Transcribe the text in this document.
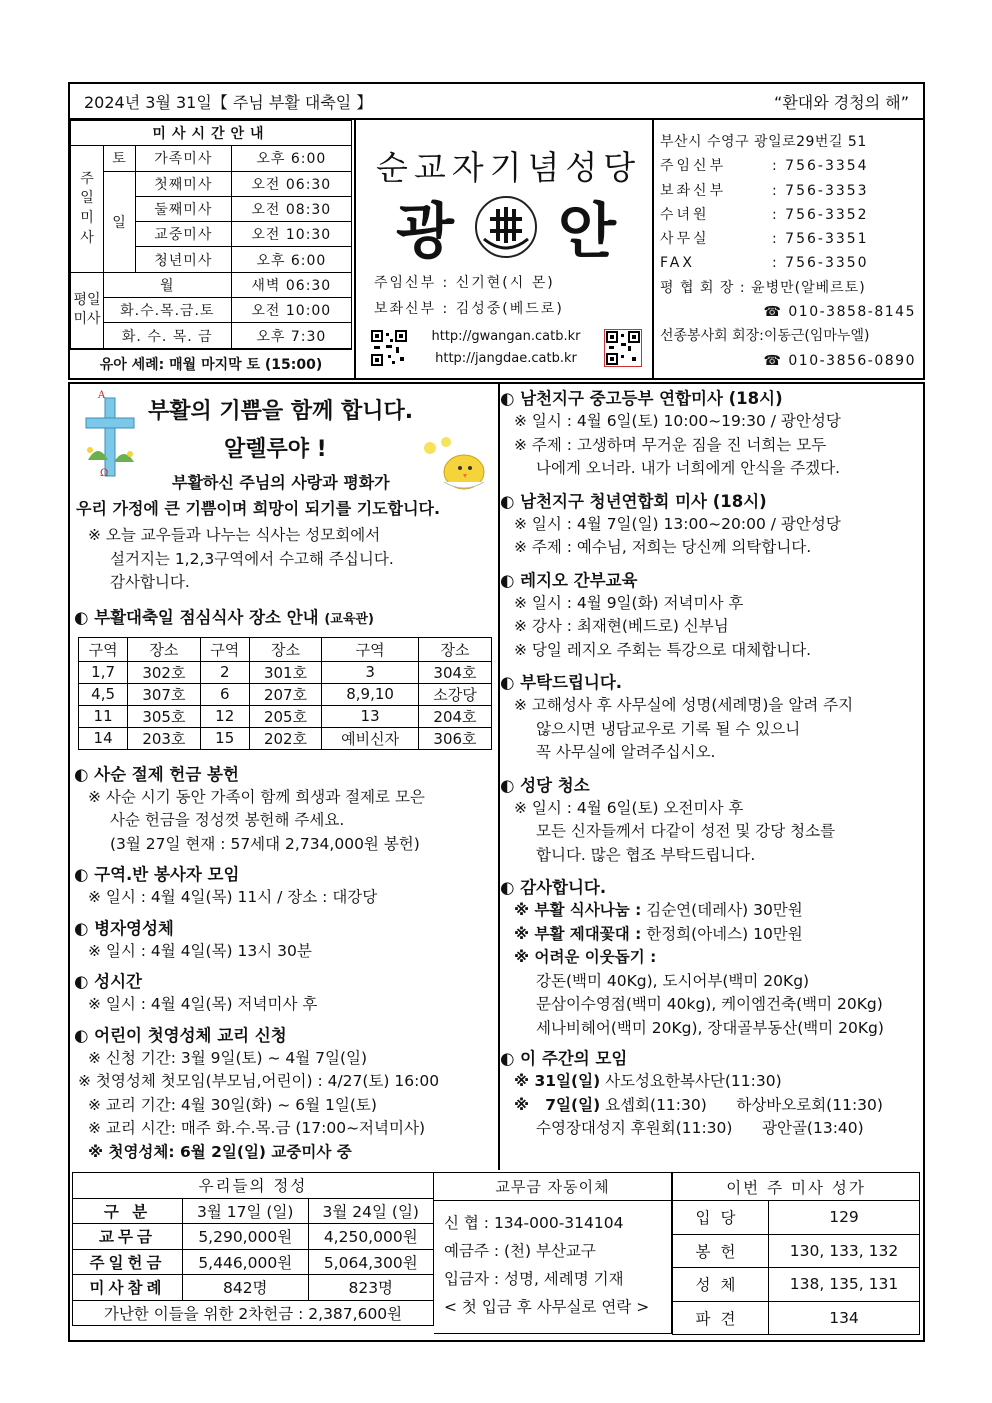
2024년 3월 31일【 주님 부활 대축일 】	“환대와 경청의 해”
미사시간안내			

주일미사	토	가족미사	오후 6:00
	일	첫째미사	오전 06:30
		둘째미사	오전 08:30
		교중미사	오전 10:30
		청년미사	오후 6:00

평일미사	월		새벽 06:30
	화.수.목.금.토		오전 10:00
	화. 수. 목. 금		오후 7:30
유아 세례: 매월 마지막 토 (15:00)
순교자기념성당
광 안
주임신부 : 신기현(시 몬)
보좌신부 : 김성중(베드로)
http://gwangan.catb.kr
http://jangdae.catb.kr
부산시 수영구 광일로29번길 51
주임신부	: 756-3354
보좌신부	: 756-3353
수녀원	: 756-3352
사무실	: 756-3351
FAX	: 756-3350
평 협 회 장 : 윤병만(알베르토)
☎ 010-3858-8145
선종봉사회 회장:이동근(임마누엘)
☎ 010-3856-0890
A
Ω
부활의 기쁨을 함께 합니다.
알렐루야 !
부활하신 주님의 사랑과 평화가
우리 가정에 큰 기쁨이며 희망이 되기를 기도합니다.
※ 오늘 교우들과 나누는 식사는 성모회에서
설거지는 1,2,3구역에서 수고해 주십니다.
감사합니다.
◐ 부활대축일 점심식사 장소 안내 (교육관)
구역	장소	구역	장소	구역	장소
1,7	302호	2	301호	3	304호
4,5	307호	6	207호	8,9,10	소강당
11	305호	12	205호	13	204호
14	203호	15	202호	예비신자	306호
◐ 사순 절제 헌금 봉헌
※ 사순 시기 동안 가족이 함께 희생과 절제로 모은
사순 헌금을 정성껏 봉헌해 주세요.
(3월 27일 현재 : 57세대 2,734,000원 봉헌)
◐ 구역.반 봉사자 모임
※ 일시 : 4월 4일(목) 11시 / 장소 : 대강당
◐ 병자영성체
※ 일시 : 4월 4일(목) 13시 30분
◐ 성시간
※ 일시 : 4월 4일(목) 저녁미사 후
◐ 어린이 첫영성체 교리 신청
※ 신청 기간: 3월 9일(토) ~ 4월 7일(일)
※ 첫영성체 첫모임(부모님,어린이) : 4/27(토) 16:00
※ 교리 기간: 4월 30일(화) ~ 6월 1일(토)
※ 교리 시간: 매주 화.수.목.금 (17:00~저녁미사)
※ 첫영성체: 6월 2일(일) 교중미사 중
◐ 남천지구 중고등부 연합미사 (18시)
※ 일시 : 4월 6일(토) 10:00~19:30 / 광안성당
※ 주제 : 고생하며 무거운 짐을 진 너희는 모두
나에게 오너라. 내가 너희에게 안식을 주겠다.
◐ 남천지구 청년연합회 미사 (18시)
※ 일시 : 4월 7일(일) 13:00~20:00 / 광안성당
※ 주제 : 예수님, 저희는 당신께 의탁합니다.
◐ 레지오 간부교육
※ 일시 : 4월 9일(화) 저녁미사 후
※ 강사 : 최재현(베드로) 신부님
※ 당일 레지오 주회는 특강으로 대체합니다.
◐ 부탁드립니다.
※ 고해성사 후 사무실에 성명(세례명)을 알려 주지
않으시면 냉담교우로 기록 될 수 있으니
꼭 사무실에 알려주십시오.
◐ 성당 청소
※ 일시 : 4월 6일(토) 오전미사 후
모든 신자들께서 다같이 성전 및 강당 청소를
합니다. 많은 협조 부탁드립니다.
◐ 감사합니다.
※ 부활 식사나눔 : 김순연(데레사) 30만원
※ 부활 제대꽃대 : 한정희(아네스) 10만원
※ 어려운 이웃돕기 :
강돈(백미 40Kg), 도시어부(백미 20Kg)
문삼이수영점(백미 40kg), 케이엠건축(백미 20Kg)
세나비헤어(백미 20Kg), 장대골부동산(백미 20Kg)
◐ 이 주간의 모임
※ 31일(일) 사도성요한복사단(11:30)
※   7일(일) 요셉회(11:30)      하상바오로회(11:30)
수영장대성지 후원회(11:30)      광안골(13:40)
우리들의 정성		
구 분	3월 17일 (일)	3월 24일 (일)
교무금	5,290,000원	4,250,000원
주일헌금	5,446,000원	5,064,300원
미사참례	842명	823명
가난한 이들을 위한 2차헌금 : 2,387,600원		
교무금 자동이체
신 협 : 134-000-314104
예금주 : (천) 부산교구
입금자 : 성명, 세례명 기재
< 첫 입금 후 사무실로 연락 >
이번 주 미사 성가	
입당	129
봉헌	130, 133, 132
성체	138, 135, 131
파견	134
